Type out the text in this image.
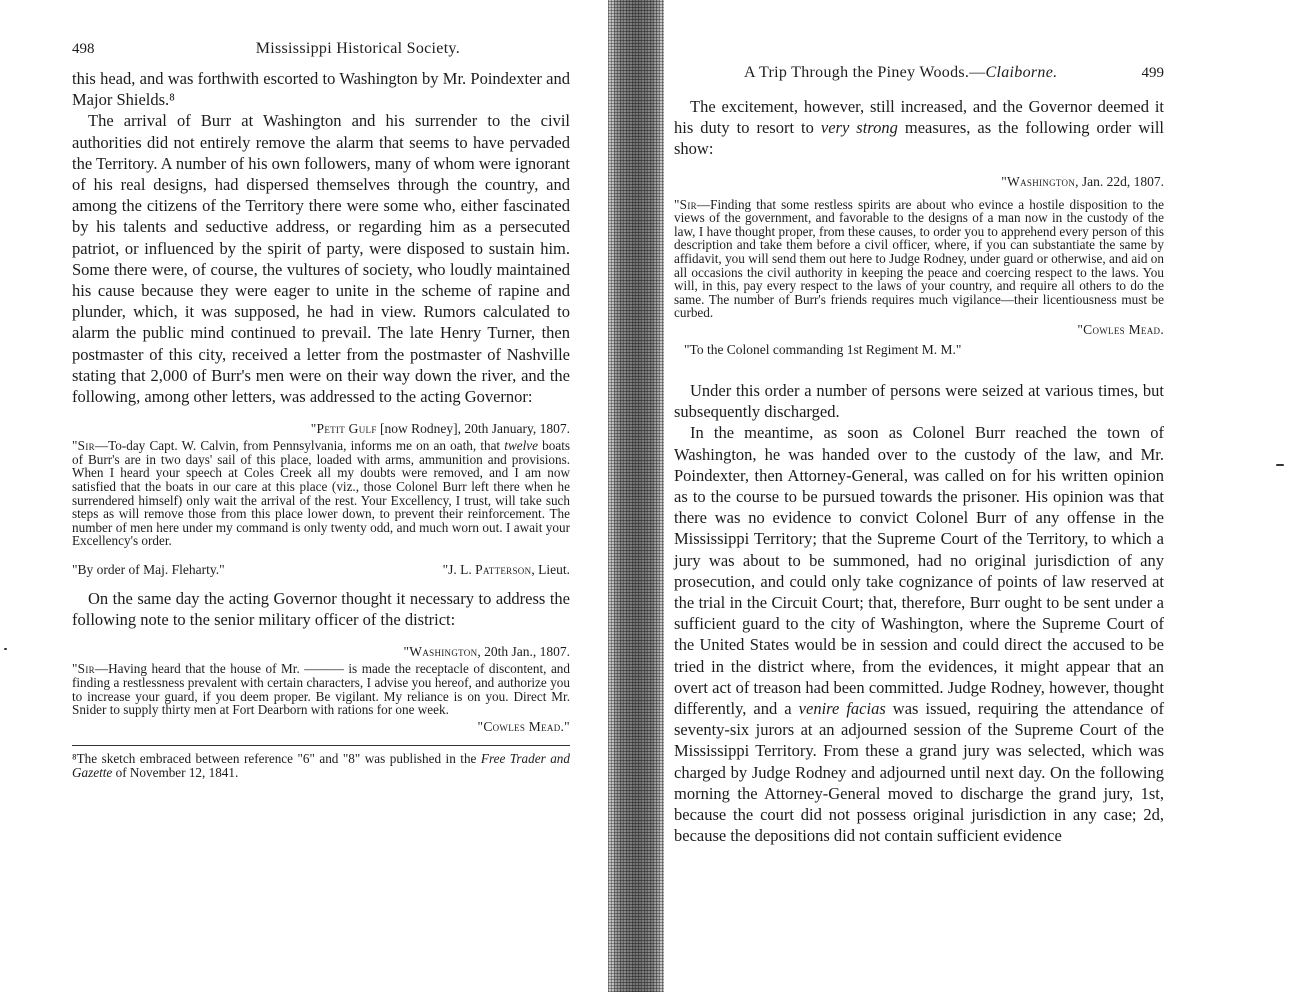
498	Mississippi Historical Society.

this head, and was forthwith escorted to Washington by Mr. Poindexter and Major Shields.⁸

The arrival of Burr at Washington and his surrender to the civil authorities did not entirely remove the alarm that seems to have pervaded the Territory. A number of his own followers, many of whom were ignorant of his real designs, had dispersed themselves through the country, and among the citizens of the Territory there were some who, either fascinated by his talents and seductive address, or regarding him as a persecuted patriot, or influenced by the spirit of party, were disposed to sustain him. Some there were, of course, the vultures of society, who loudly maintained his cause because they were eager to unite in the scheme of rapine and plunder, which, it was supposed, he had in view. Rumors calculated to alarm the public mind continued to prevail. The late Henry Turner, then postmaster of this city, received a letter from the postmaster of Nashville stating that 2,000 of Burr's men were on their way down the river, and the following, among other letters, was addressed to the acting Governor:

"Petit Gulf [now Rodney], 20th January, 1807.

"Sir—To-day Capt. W. Calvin, from Pennsylvania, informs me on an oath, that twelve boats of Burr's are in two days' sail of this place, loaded with arms, ammunition and provisions. When I heard your speech at Coles Creek all my doubts were removed, and I am now satisfied that the boats in our care at this place (viz., those Colonel Burr left there when he surrendered himself) only wait the arrival of the rest. Your Excellency, I trust, will take such steps as will remove those from this place lower down, to prevent their reinforcement. The number of men here under my command is only twenty odd, and much worn out. I await your Excellency's order.

"By order of Maj. Fleharty."	"J. L. Patterson, Lieut.

On the same day the acting Governor thought it necessary to address the following note to the senior military officer of the district:

"Washington, 20th Jan., 1807.

"Sir—Having heard that the house of Mr. ——— is made the receptacle of discontent, and finding a restlessness prevalent with certain characters, I advise you hereof, and authorize you to increase your guard, if you deem proper. Be vigilant. My reliance is on you. Direct Mr. Snider to supply thirty men at Fort Dearborn with rations for one week.

"Cowles Mead."

⁸The sketch embraced between reference "6" and "8" was published in the Free Trader and Gazette of November 12, 1841.

A Trip Through the Piney Woods.—Claiborne.	499

The excitement, however, still increased, and the Governor deemed it his duty to resort to very strong measures, as the following order will show:

"Washington, Jan. 22d, 1807.

"Sir—Finding that some restless spirits are about who evince a hostile disposition to the views of the government, and favorable to the designs of a man now in the custody of the law, I have thought proper, from these causes, to order you to apprehend every person of this description and take them before a civil officer, where, if you can substantiate the same by affidavit, you will send them out here to Judge Rodney, under guard or otherwise, and aid on all occasions the civil authority in keeping the peace and coercing respect to the laws. You will, in this, pay every respect to the laws of your country, and require all others to do the same. The number of Burr's friends requires much vigilance—their licentiousness must be curbed.

"Cowles Mead.

"To the Colonel commanding 1st Regiment M. M."

Under this order a number of persons were seized at various times, but subsequently discharged.

In the meantime, as soon as Colonel Burr reached the town of Washington, he was handed over to the custody of the law, and Mr. Poindexter, then Attorney-General, was called on for his written opinion as to the course to be pursued towards the prisoner. His opinion was that there was no evidence to convict Colonel Burr of any offense in the Mississippi Territory; that the Supreme Court of the Territory, to which a jury was about to be summoned, had no original jurisdiction of any prosecution, and could only take cognizance of points of law reserved at the trial in the Circuit Court; that, therefore, Burr ought to be sent under a sufficient guard to the city of Washington, where the Supreme Court of the United States would be in session and could direct the accused to be tried in the district where, from the evidences, it might appear that an overt act of treason had been committed. Judge Rodney, however, thought differently, and a venire facias was issued, requiring the attendance of seventy-six jurors at an adjourned session of the Supreme Court of the Mississippi Territory. From these a grand jury was selected, which was charged by Judge Rodney and adjourned until next day. On the following morning the Attorney-General moved to discharge the grand jury, 1st, because the court did not possess original jurisdiction in any case; 2d, because the depositions did not contain sufficient evidence
